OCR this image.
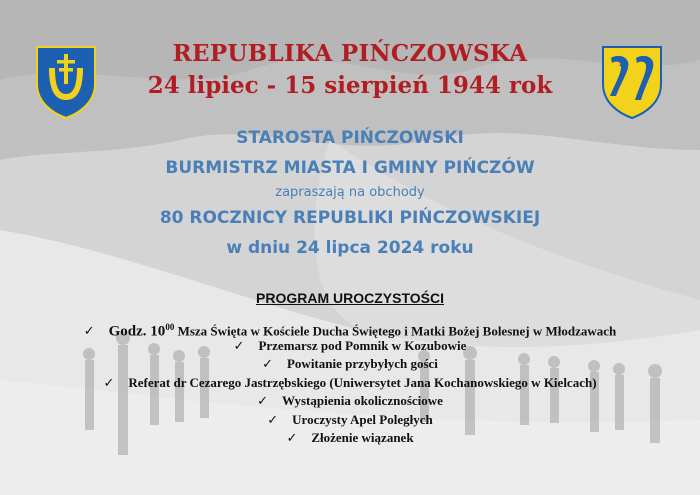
W
REPUBLIKA PIŃCZOWSKA
24 lipiec - 15 sierpień 1944 rok
STAROSTA PIŃCZOWSKI
BURMISTRZ MIASTA I GMINY PIŃCZÓW
zapraszają na obchody
80 ROCZNICY REPUBLIKI PIŃCZOWSKIEJ
w dniu 24 lipca 2024 roku
PROGRAM UROCZYSTOŚCI
✓ Godz. $10^{00}$ Msza Święta w Kościele Ducha Świętego i Matki Bożej Bolesnej w Młodzawach
✓ Przemarsz pod Pomnik w Kozubowie
✓ Powitanie przybyłych gości
✓ Referat dr Cezarego Jastrzębskiego (Uniwersytet Jana Kochanowskiego w Kielcach)
✓ Wystąpienia okolicznościowe
✓ Uroczysty Apel Poległych
✓ Złożenie wiązanek
